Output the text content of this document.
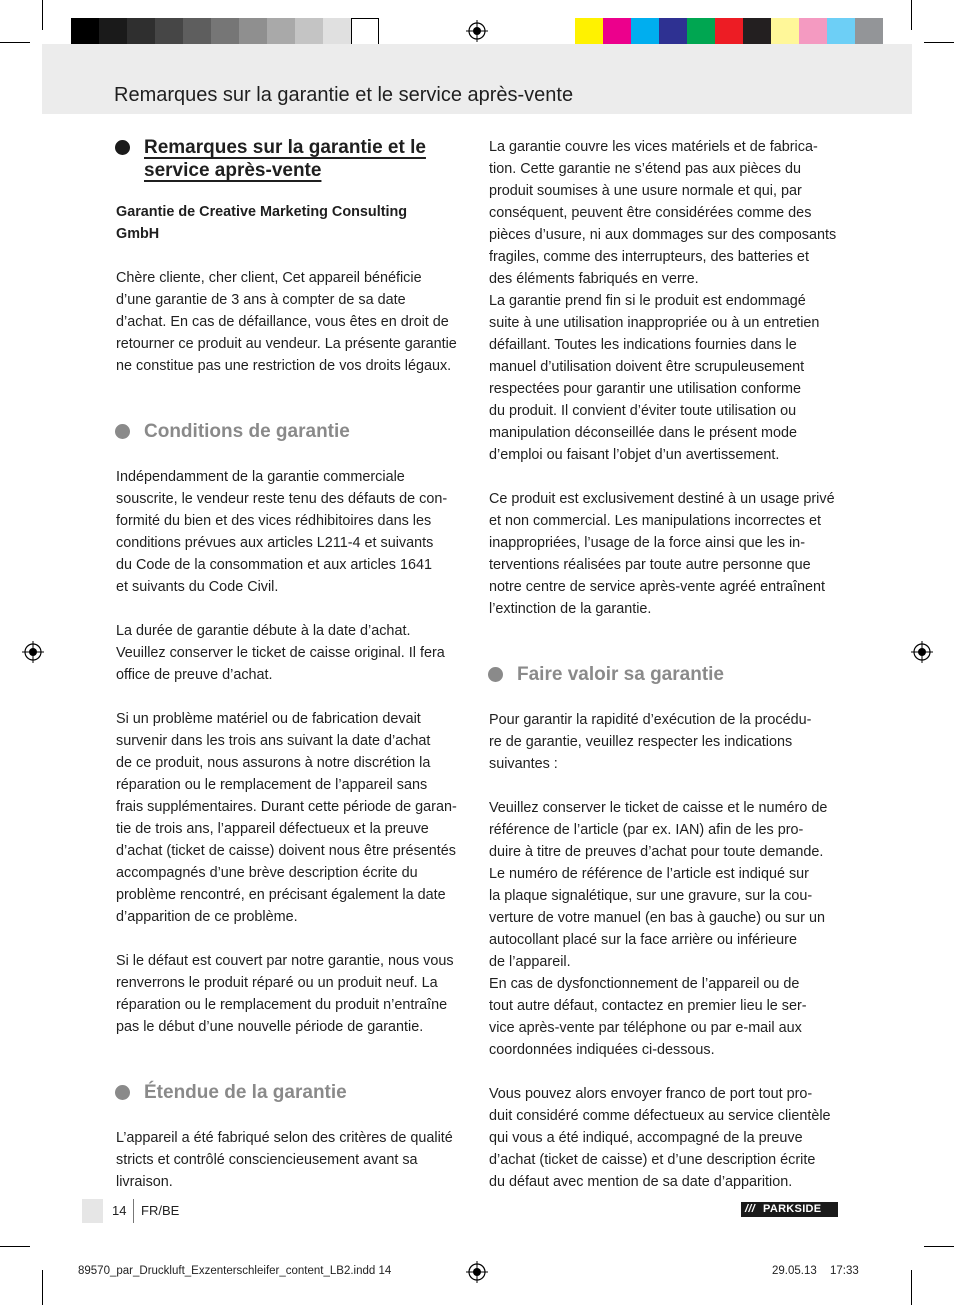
Remarques sur la garantie et le service après-vente
Remarques sur la garantie et le service après-vente

Garantie de Creative Marketing Consulting GmbH

Chère cliente, cher client, Cet appareil bénéficie
d’une garantie de 3 ans à compter de sa date
d’achat. En cas de défaillance, vous êtes en droit de
retourner ce produit au vendeur. La présente garantie
ne constitue pas une restriction de vos droits légaux.

Conditions de garantie

Indépendamment de la garantie commerciale
souscrite, le vendeur reste tenu des défauts de con-
formité du bien et des vices rédhibitoires dans les
conditions prévues aux articles L211-4 et suivants
du Code de la consommation et aux articles 1641
et suivants du Code Civil.

La durée de garantie débute à la date d’achat.
Veuillez conserver le ticket de caisse original. Il fera
office de preuve d’achat.

Si un problème matériel ou de fabrication devait
survenir dans les trois ans suivant la date d’achat
de ce produit, nous assurons à notre discrétion la
réparation ou le remplacement de l’appareil sans
frais supplémentaires. Durant cette période de garan-
tie de trois ans, l’appareil défectueux et la preuve
d’achat (ticket de caisse) doivent nous être présentés
accompagnés d’une brève description écrite du
problème rencontré, en précisant également la date
d’apparition de ce problème.

Si le défaut est couvert par notre garantie, nous vous
renverrons le produit réparé ou un produit neuf. La
réparation ou le remplacement du produit n’entraîne
pas le début d’une nouvelle période de garantie.

Étendue de la garantie

L’appareil a été fabriqué selon des critères de qualité
stricts et contrôlé consciencieusement avant sa livraison.

La garantie couvre les vices matériels et de fabrica-
tion. Cette garantie ne s’étend pas aux pièces du
produit soumises à une usure normale et qui, par
conséquent, peuvent être considérées comme des
pièces d’usure, ni aux dommages sur des composants
fragiles, comme des interrupteurs, des batteries et
des éléments fabriqués en verre.
La garantie prend fin si le produit est endommagé
suite à une utilisation inappropriée ou à un entretien
défaillant. Toutes les indications fournies dans le
manuel d’utilisation doivent être scrupuleusement
respectées pour garantir une utilisation conforme
du produit. Il convient d’éviter toute utilisation ou
manipulation déconseillée dans le présent mode
d’emploi ou faisant l’objet d’un avertissement.

Ce produit est exclusivement destiné à un usage privé
et non commercial. Les manipulations incorrectes et
inappropriées, l’usage de la force ainsi que les in-
terventions réalisées par toute autre personne que
notre centre de service après-vente agréé entraînent
l’extinction de la garantie.

Faire valoir sa garantie

Pour garantir la rapidité d’exécution de la procédu-
re de garantie, veuillez respecter les indications
suivantes :

Veuillez conserver le ticket de caisse et le numéro de
référence de l’article (par ex. IAN) afin de les pro-
duire à titre de preuves d’achat pour toute demande.
Le numéro de référence de l’article est indiqué sur
la plaque signalétique, sur une gravure, sur la cou-
verture de votre manuel (en bas à gauche) ou sur un
autocollant placé sur la face arrière ou inférieure
de l’appareil.
En cas de dysfonctionnement de l’appareil ou de
tout autre défaut, contactez en premier lieu le ser-
vice après-vente par téléphone ou par e-mail aux
coordonnées indiquées ci-dessous.

Vous pouvez alors envoyer franco de port tout pro-
duit considéré comme défectueux au service clientèle
qui vous a été indiqué, accompagné de la preuve
d’achat (ticket de caisse) et d’une description écrite
du défaut avec mention de sa date d’apparition.

14 FR/BE	/// PARKSIDE
89570_par_Druckluft_Exzenterschleifer_content_LB2.indd 14	29.05.13 17:33
